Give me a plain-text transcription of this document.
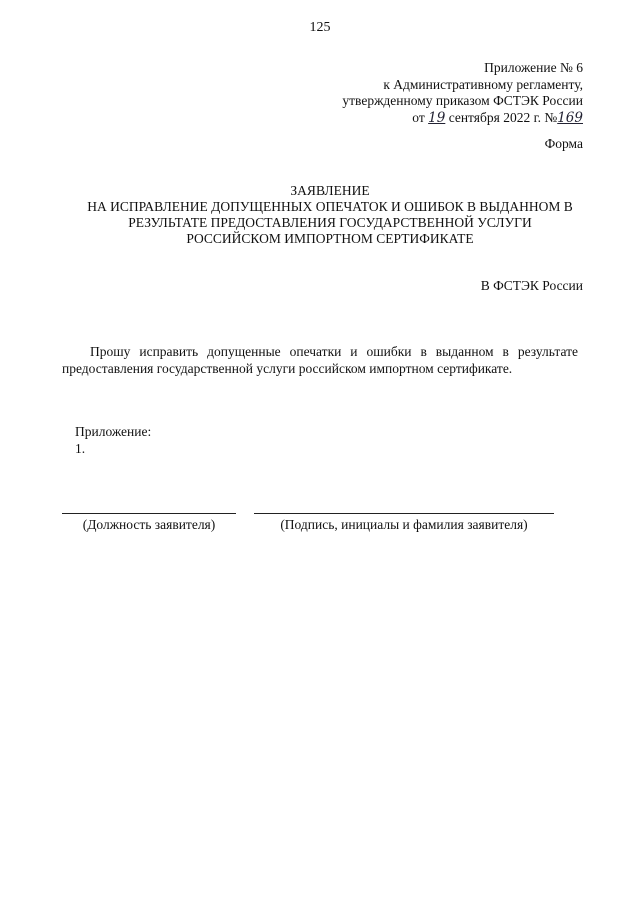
125
Приложение № 6
к Административному регламенту,
утвержденному приказом ФСТЭК России
от 19 сентября 2022 г. №169
Форма
ЗАЯВЛЕНИЕ
НА ИСПРАВЛЕНИЕ ДОПУЩЕННЫХ ОПЕЧАТОК И ОШИБОК В ВЫДАННОМ В
РЕЗУЛЬТАТЕ ПРЕДОСТАВЛЕНИЯ ГОСУДАРСТВЕННОЙ УСЛУГИ
РОССИЙСКОМ ИМПОРТНОМ СЕРТИФИКАТЕ
В ФСТЭК России
Прошу исправить допущенные опечатки и ошибки в выданном в результате
предоставления государственной услуги российском импортном сертификате.
Приложение:
1.
(Должность заявителя)	(Подпись, инициалы и фамилия заявителя)
